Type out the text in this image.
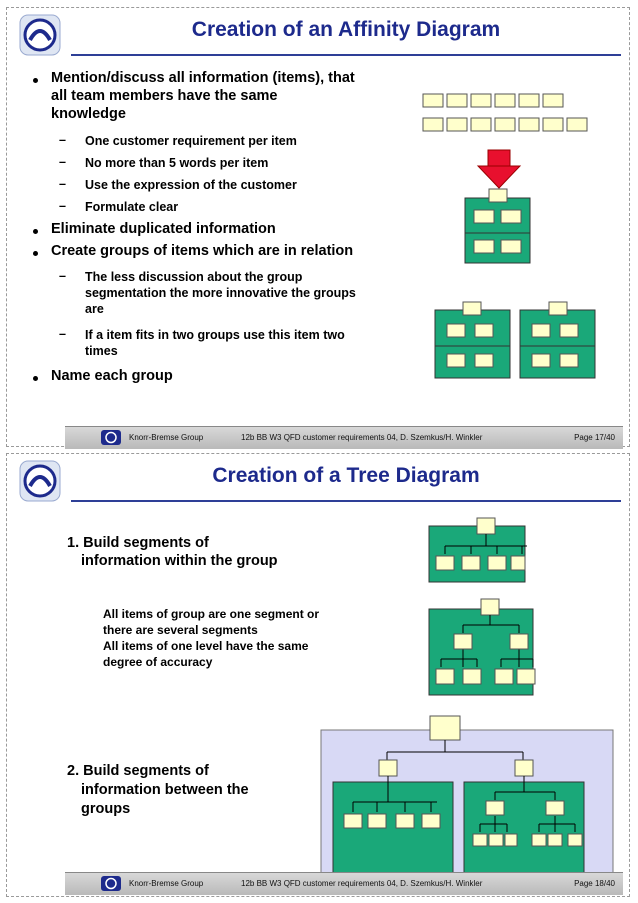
Creation of an Affinity Diagram
Mention/discuss all information (items), that
all team members have the same
knowledge
– One customer requirement per item
– No more than 5 words per item
– Use the expression of the customer
– Formulate clear
Eliminate duplicated information
Create groups of items which are in relation
– The less discussion about the group
segmentation the more innovative the groups
are
– If a item fits in two groups use this item two
times
Name each group
Knorr-Bremse Group	12b BB W3 QFD customer requirements 04, D. Szemkus/H. Winkler	Page 17/40
Creation of a Tree Diagram
1. Build segments of
information within the group
All items of group are one segment or
there are several segments
All items of one level have the same
degree of accuracy
2. Build segments of
information between the
groups
Knorr-Bremse Group	12b BB W3 QFD customer requirements 04, D. Szemkus/H. Winkler	Page 18/40
